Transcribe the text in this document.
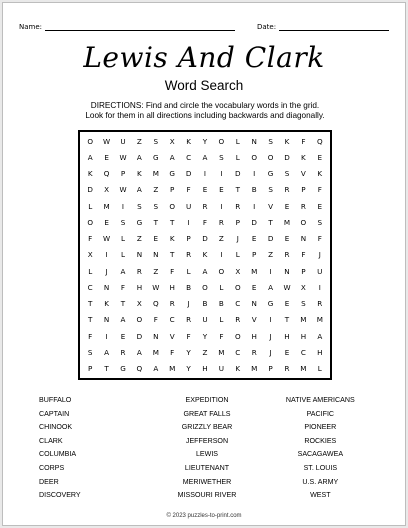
Name:	Date:
Lewis And Clark
Word Search
DIRECTIONS: Find and circle the vocabulary words in the grid.
Look for them in all directions including backwards and diagonally.
O	W	U	Z	S	X	K	Y	O	L	N	S	K	F	Q
A	E	W	A	G	A	C	A	S	L	O	O	D	K	E
K	Q	P	K	M	G	D	I	I	D	I	G	S	V	K
D	X	W	A	Z	P	F	E	E	T	B	S	R	P	F
L	M	I	S	S	O	U	R	I	R	I	V	E	R	E
O	E	S	G	T	T	I	F	R	P	D	T	M	O	S
F	W	L	Z	E	K	P	D	Z	J	E	D	E	N	F
X	I	L	N	N	T	R	K	I	L	P	Z	R	F	J
L	J	A	R	Z	F	L	A	O	X	M	I	N	P	U
C	N	F	H	W	H	B	O	L	O	E	A	W	X	I
T	K	T	X	Q	R	J	B	B	C	N	G	E	S	R
T	N	A	O	F	C	R	U	L	R	V	I	T	M	M
F	I	E	D	N	V	F	Y	F	O	H	J	H	H	A
S	A	R	A	M	F	Y	Z	M	C	R	J	E	C	H
P	T	G	Q	A	M	Y	H	U	K	M	P	R	M	L
BUFFALO	EXPEDITION	NATIVE AMERICANS
CAPTAIN	GREAT FALLS	PACIFIC
CHINOOK	GRIZZLY BEAR	PIONEER
CLARK	JEFFERSON	ROCKIES
COLUMBIA	LEWIS	SACAGAWEA
CORPS	LIEUTENANT	ST. LOUIS
DEER	MERIWETHER	U.S. ARMY
DISCOVERY	MISSOURI RIVER	WEST
© 2023 puzzles-to-print.com
